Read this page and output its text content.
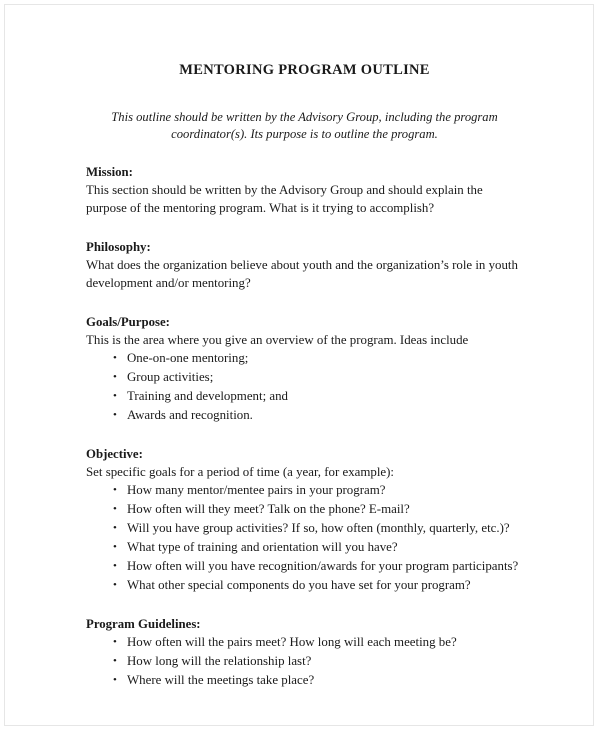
MENTORING PROGRAM OUTLINE

This outline should be written by the Advisory Group, including the program coordinator(s). Its purpose is to outline the program.

Mission:
This section should be written by the Advisory Group and should explain the purpose of the mentoring program. What is it trying to accomplish?
Philosophy:
What does the organization believe about youth and the organization’s role in youth development and/or mentoring?
Goals/Purpose:
This is the area where you give an overview of the program. Ideas include
• One-on-one mentoring;
• Group activities;
• Training and development; and
• Awards and recognition.
Objective:
Set specific goals for a period of time (a year, for example):
• How many mentor/mentee pairs in your program?
• How often will they meet? Talk on the phone? E-mail?
• Will you have group activities? If so, how often (monthly, quarterly, etc.)?
• What type of training and orientation will you have?
• How often will you have recognition/awards for your program participants?
• What other special components do you have set for your program?
Program Guidelines:
• How often will the pairs meet? How long will each meeting be?
• How long will the relationship last?
• Where will the meetings take place?
